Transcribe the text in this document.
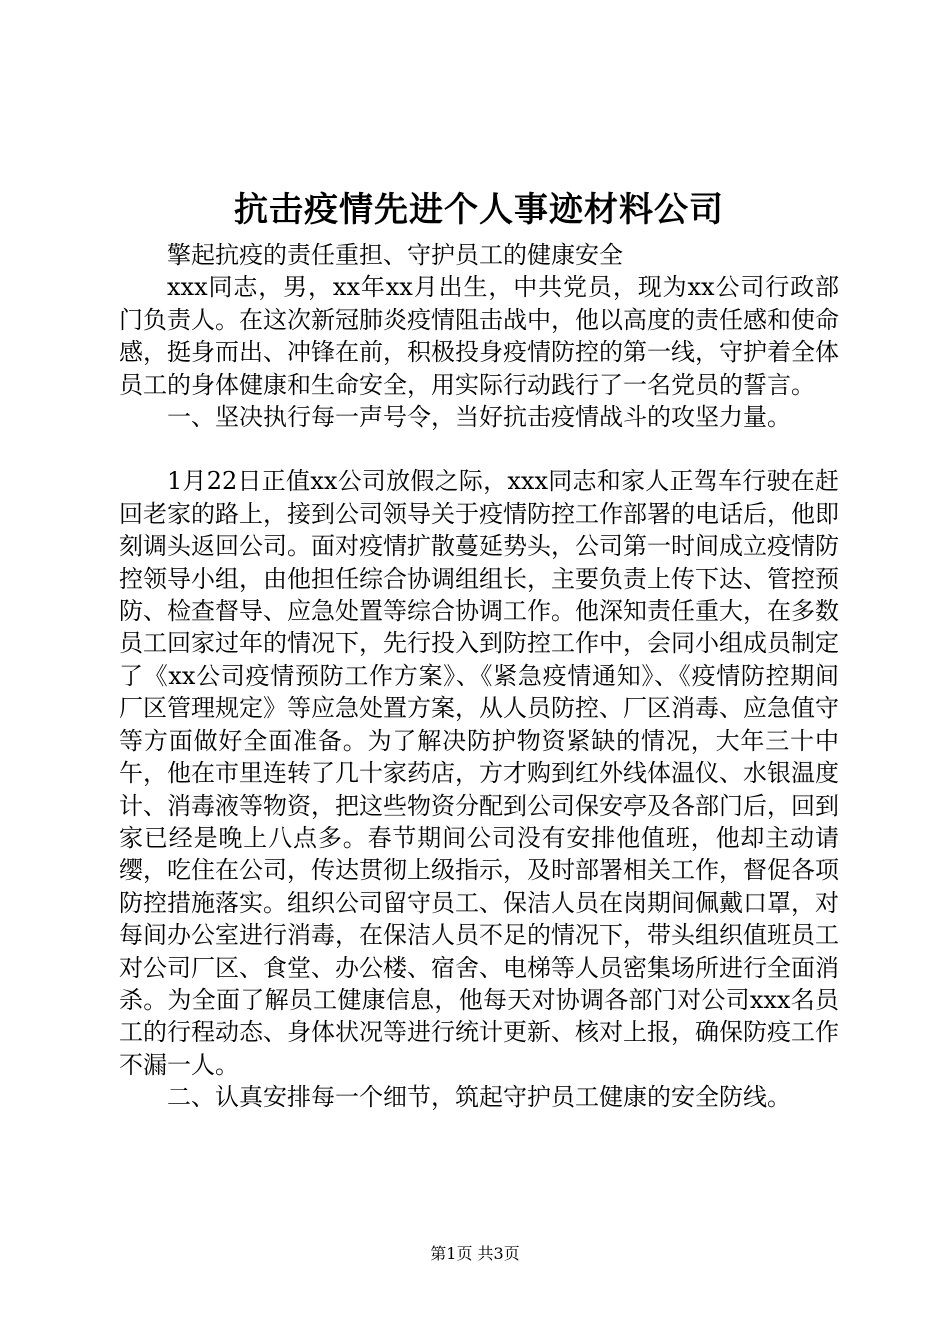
抗击疫情先进个人事迹材料公司

擎起抗疫的责任重担、守护员工的健康安全

xxx同志，男，xx年xx月出生，中共党员，现为xx公司行政部门负责人。在这次新冠肺炎疫情阻击战中，他以高度的责任感和使命感，挺身而出、冲锋在前，积极投身疫情防控的第一线，守护着全体员工的身体健康和生命安全，用实际行动践行了一名党员的誓言。

一、坚决执行每一声号令，当好抗击疫情战斗的攻坚力量。

1月22日正值xx公司放假之际，xxx同志和家人正驾车行驶在赶回老家的路上，接到公司领导关于疫情防控工作部署的电话后，他即刻调头返回公司。面对疫情扩散蔓延势头，公司第一时间成立疫情防控领导小组，由他担任综合协调组组长，主要负责上传下达、管控预防、检查督导、应急处置等综合协调工作。他深知责任重大，在多数员工回家过年的情况下，先行投入到防控工作中，会同小组成员制定了《xx公司疫情预防工作方案》、《紧急疫情通知》、《疫情防控期间厂区管理规定》等应急处置方案，从人员防控、厂区消毒、应急值守等方面做好全面准备。为了解决防护物资紧缺的情况，大年三十中午，他在市里连转了几十家药店，方才购到红外线体温仪、水银温度计、消毒液等物资，把这些物资分配到公司保安亭及各部门后，回到家已经是晚上八点多。春节期间公司没有安排他值班，他却主动请缨，吃住在公司，传达贯彻上级指示，及时部署相关工作，督促各项防控措施落实。组织公司留守员工、保洁人员在岗期间佩戴口罩，对每间办公室进行消毒，在保洁人员不足的情况下，带头组织值班员工对公司厂区、食堂、办公楼、宿舍、电梯等人员密集场所进行全面消杀。为全面了解员工健康信息，他每天对协调各部门对公司xxx名员工的行程动态、身体状况等进行统计更新、核对上报，确保防疫工作不漏一人。

二、认真安排每一个细节，筑起守护员工健康的安全防线。

第1页 共3页
